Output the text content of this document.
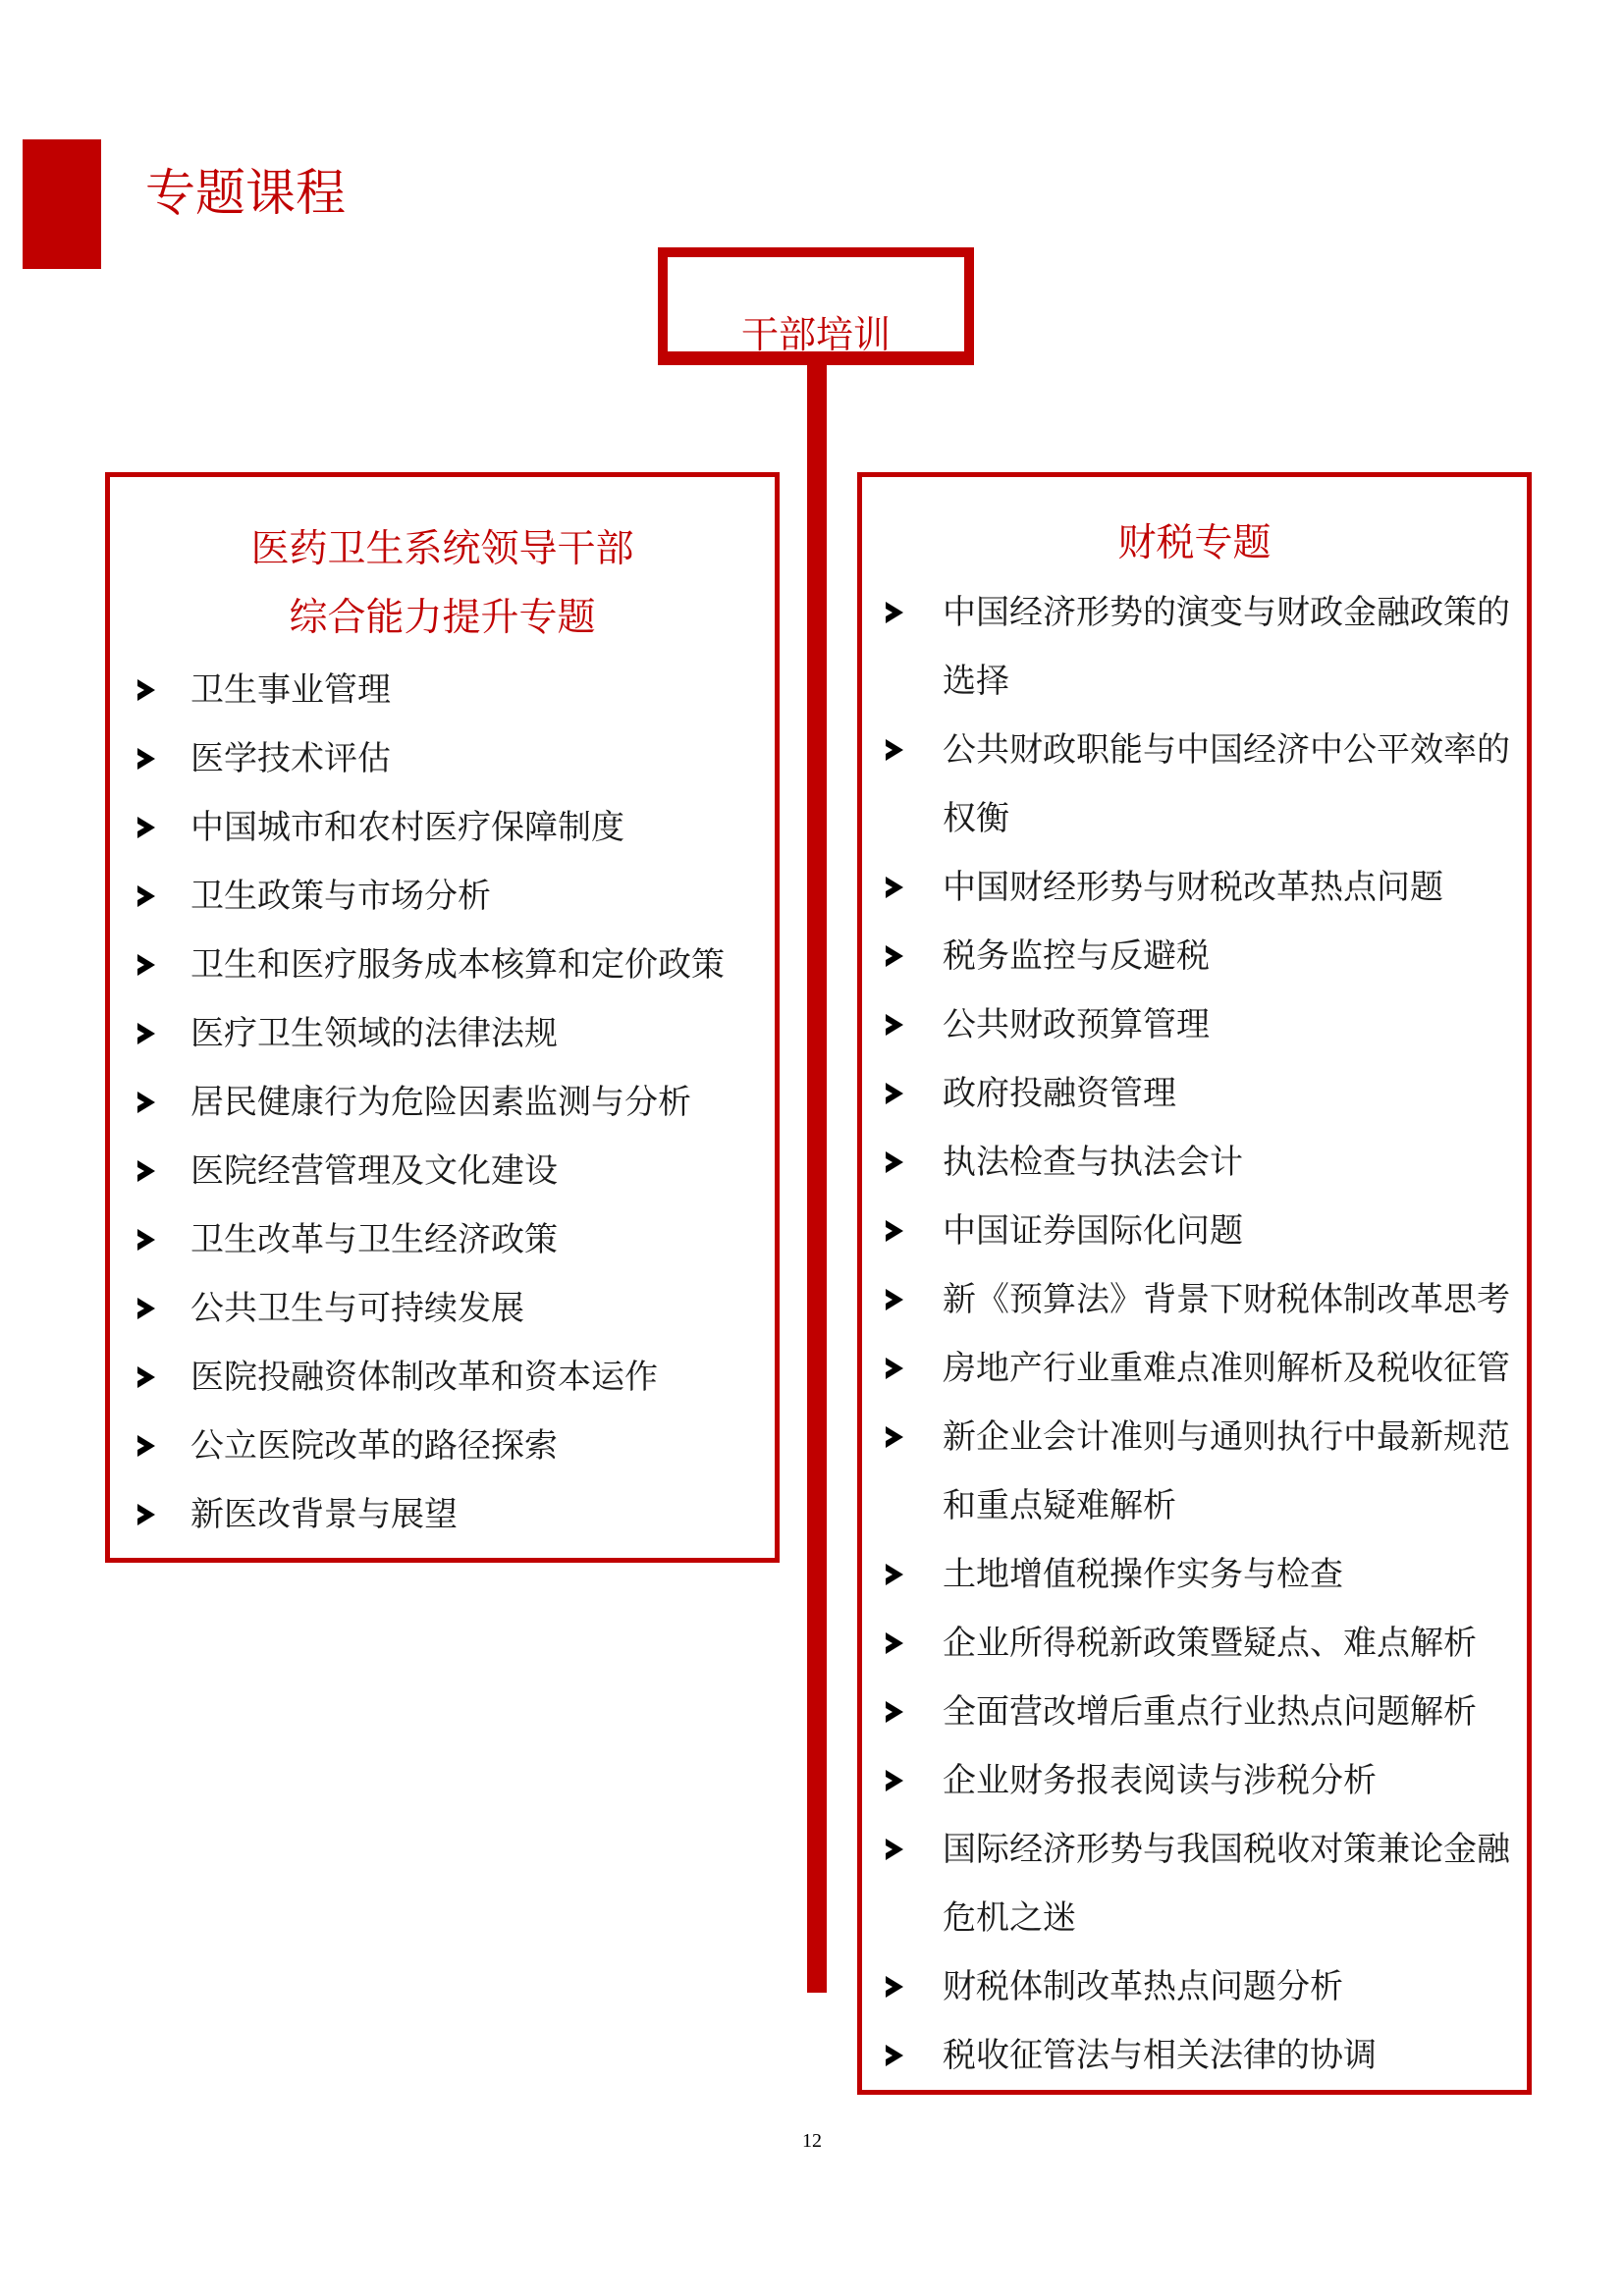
专题课程
干部培训
医药卫生系统领导干部
综合能力提升专题
卫生事业管理
医学技术评估
中国城市和农村医疗保障制度
卫生政策与市场分析
卫生和医疗服务成本核算和定价政策
医疗卫生领域的法律法规
居民健康行为危险因素监测与分析
医院经营管理及文化建设
卫生改革与卫生经济政策
公共卫生与可持续发展
医院投融资体制改革和资本运作
公立医院改革的路径探索
新医改背景与展望
财税专题
中国经济形势的演变与财政金融政策的
选择
公共财政职能与中国经济中公平效率的
权衡
中国财经形势与财税改革热点问题
税务监控与反避税
公共财政预算管理
政府投融资管理
执法检查与执法会计
中国证券国际化问题
新《预算法》背景下财税体制改革思考
房地产行业重难点准则解析及税收征管
新企业会计准则与通则执行中最新规范
和重点疑难解析
土地增值税操作实务与检查
企业所得税新政策暨疑点、难点解析
全面营改增后重点行业热点问题解析
企业财务报表阅读与涉税分析
国际经济形势与我国税收对策兼论金融
危机之迷
财税体制改革热点问题分析
税收征管法与相关法律的协调
12
